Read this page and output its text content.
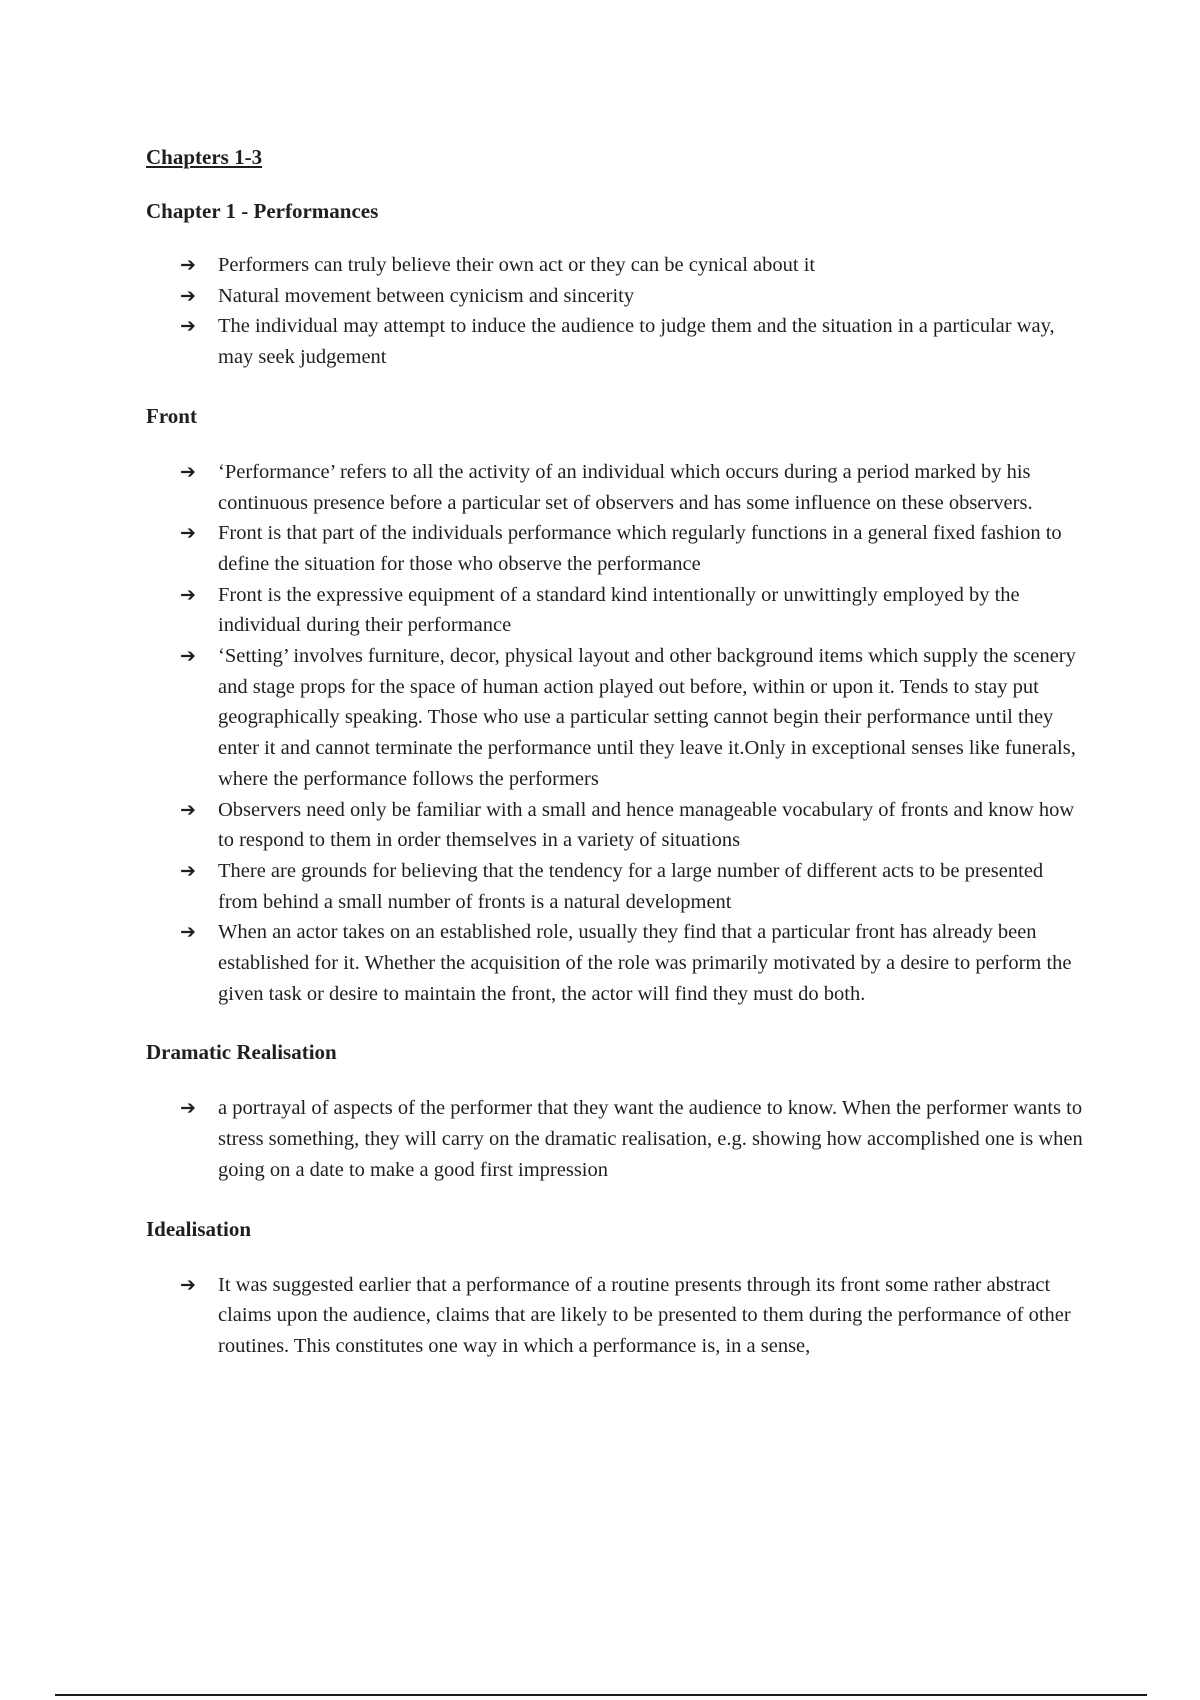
Chapters 1-3
Chapter 1 - Performances
➔ Performers can truly believe their own act or they can be cynical about it
➔ Natural movement between cynicism and sincerity
➔ The individual may attempt to induce the audience to judge them and the situation in a particular way, may seek judgement
Front
➔ ‘Performance’ refers to all the activity of an individual which occurs during a period marked by his continuous presence before a particular set of observers and has some influence on these observers.
➔ Front is that part of the individuals performance which regularly functions in a general fixed fashion to define the situation for those who observe the performance
➔ Front is the expressive equipment of a standard kind intentionally or unwittingly employed by the individual during their performance
➔ ‘Setting’ involves furniture, decor, physical layout and other background items which supply the scenery and stage props for the space of human action played out before, within or upon it. Tends to stay put geographically speaking. Those who use a particular setting cannot begin their performance until they enter it and cannot terminate the performance until they leave it.Only in exceptional senses like funerals, where the performance follows the performers
➔ Observers need only be familiar with a small and hence manageable vocabulary of fronts and know how to respond to them in order themselves in a variety of situations
➔ There are grounds for believing that the tendency for a large number of different acts to be presented from behind a small number of fronts is a natural development
➔ When an actor takes on an established role, usually they find that a particular front has already been established for it. Whether the acquisition of the role was primarily motivated by a desire to perform the given task or desire to maintain the front, the actor will find they must do both.
Dramatic Realisation
➔ a portrayal of aspects of the performer that they want the audience to know. When the performer wants to stress something, they will carry on the dramatic realisation, e.g. showing how accomplished one is when going on a date to make a good first impression
Idealisation
➔ It was suggested earlier that a performance of a routine presents through its front some rather abstract claims upon the audience, claims that are likely to be presented to them during the performance of other routines. This constitutes one way in which a performance is, in a sense,
